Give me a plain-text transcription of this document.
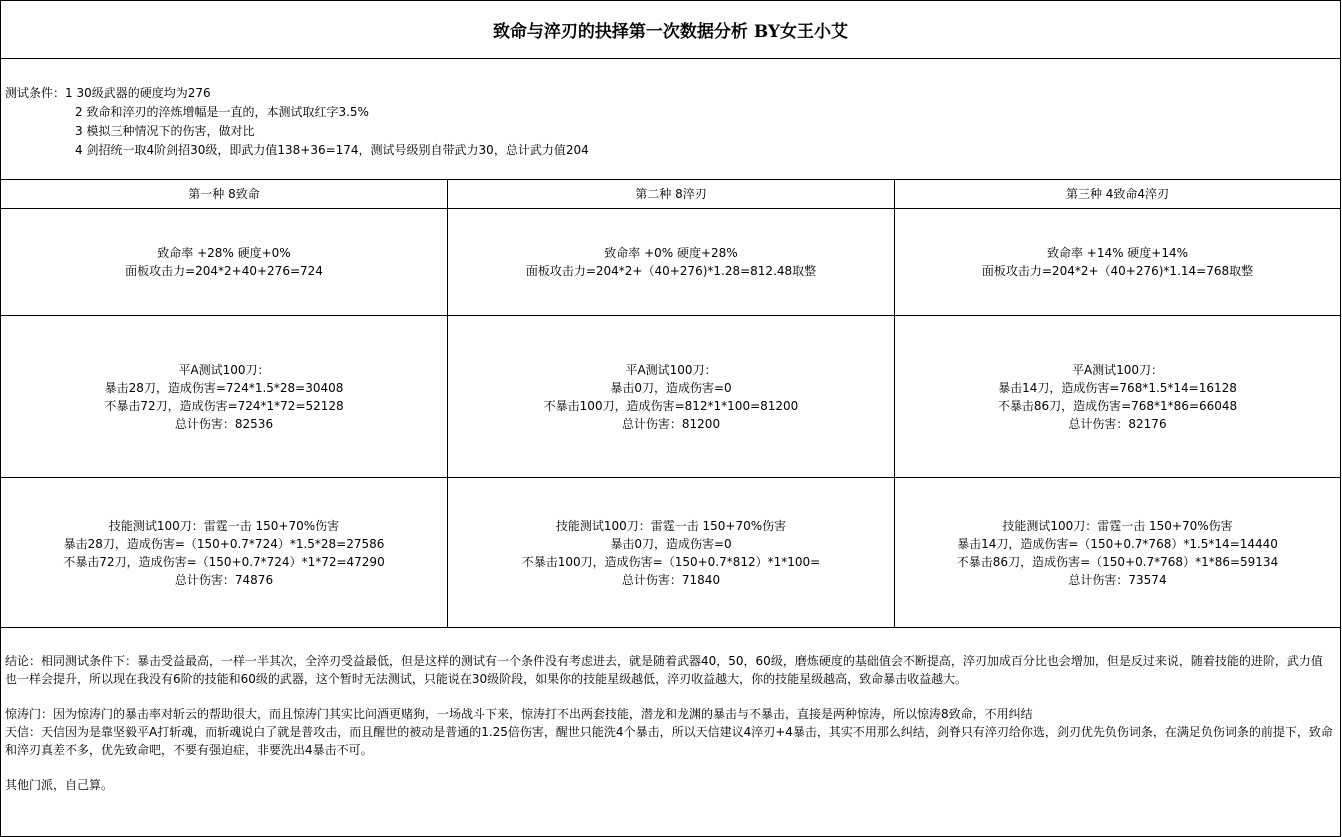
致命与淬刃的抉择第一次数据分析 BY女王小艾
测试条件：1 30级武器的硬度均为276
2 致命和淬刃的淬炼增幅是一直的，本测试取红字3.5%
3 模拟三种情况下的伤害，做对比
4 剑招统一取4阶剑招30级，即武力值138+36=174，测试号级别自带武力30，总计武力值204
第一种 8致命	第二种 8淬刃	第三种 4致命4淬刃
致命率 +28% 硬度+0%
面板攻击力=204*2+40+276=724
致命率 +0% 硬度+28%
面板攻击力=204*2+（40+276)*1.28=812.48取整
致命率 +14% 硬度+14%
面板攻击力=204*2+（40+276)*1.14=768取整
平A测试100刀：
暴击28刀，造成伤害=724*1.5*28=30408
不暴击72刀，造成伤害=724*1*72=52128
总计伤害：82536
平A测试100刀：
暴击0刀，造成伤害=0
不暴击100刀，造成伤害=812*1*100=81200
总计伤害：81200
平A测试100刀：
暴击14刀，造成伤害=768*1.5*14=16128
不暴击86刀，造成伤害=768*1*86=66048
总计伤害：82176
技能测试100刀：雷霆一击 150+70%伤害
暴击28刀，造成伤害=（150+0.7*724）*1.5*28=27586
不暴击72刀，造成伤害=（150+0.7*724）*1*72=47290
总计伤害：74876
技能测试100刀：雷霆一击 150+70%伤害
暴击0刀，造成伤害=0
不暴击100刀，造成伤害=（150+0.7*812）*1*100=
总计伤害：71840
技能测试100刀：雷霆一击 150+70%伤害
暴击14刀，造成伤害=（150+0.7*768）*1.5*14=14440
不暴击86刀，造成伤害=（150+0.7*768）*1*86=59134
总计伤害：73574

结论：相同测试条件下：暴击受益最高，一样一半其次，全淬刃受益最低，但是这样的测试有一个条件没有考虑进去，就是随着武器40，50，60级，磨炼硬度的基础值会不断提高，淬刃加成百分比也会增加，但是反过来说，随着技能的进阶，武力值也一样会提升，所以现在我没有6阶的技能和60级的武器，这个暂时无法测试，只能说在30级阶段，如果你的技能星级越低，淬刃收益越大，你的技能星级越高，致命暴击收益越大。

惊涛门：因为惊涛门的暴击率对斩云的帮助很大，而且惊涛门其实比问酒更赌狗，一场战斗下来，惊涛打不出两套技能，潜龙和龙渊的暴击与不暴击，直接是两种惊涛，所以惊涛8致命，不用纠结

天信：天信因为是靠坚毅平A打斩魂，而斩魂说白了就是普攻击，而且醒世的被动是普通的1.25倍伤害，醒世只能洗4个暴击，所以天信建议4淬刃+4暴击，其实不用那么纠结，剑脊只有淬刃给你选，剑刃优先负伤词条，在满足负伤词条的前提下，致命和淬刃真差不多，优先致命吧，不要有强迫症，非要洗出4暴击不可。

其他门派，自己算。
